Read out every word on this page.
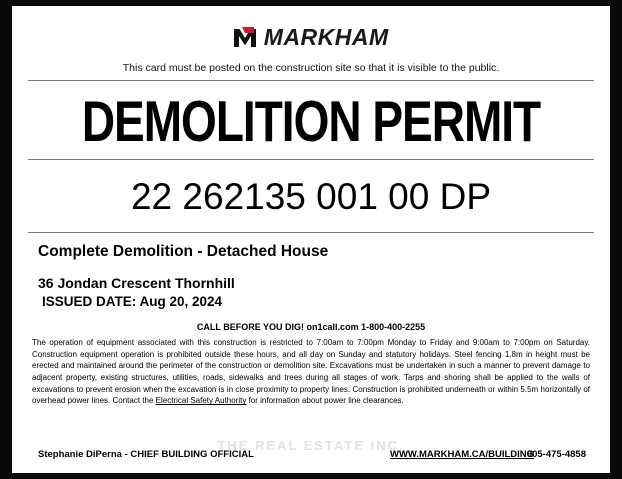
MARKHAM
This card must be posted on the construction site so that it is visible to the public.
DEMOLITION PERMIT
22 262135 001 00 DP
Complete Demolition - Detached House
36 Jondan Crescent Thornhill
ISSUED DATE: Aug 20, 2024
CALL BEFORE YOU DIG! on1call.com 1-800-400-2255
The operation of equipment associated with this construction is restricted to 7:00am to 7:00pm Monday to Friday and 9:00am to 7:00pm on Saturday. Construction equipment operation is prohibited outside these hours, and all day on Sunday and statutory holidays. Steel fencing 1.8m in height must be erected and maintained around the perimeter of the construction or demolition site. Excavations must be undertaken in such a manner to prevent damage to adjacent property, existing structures, utilities, roads, sidewalks and trees during all stages of work. Tarps and shoring shall be applied to the walls of excavations to prevent erosion when the excavation is in close proximity to property lines. Construction is prohibited underneath or within 5.5m horizontally of overhead power lines. Contact the Electrical Safety Authority for information about power line clearances.
THE REAL ESTATE INC.
Stephanie DiPerna - CHIEF BUILDING OFFICIAL	WWW.MARKHAM.CA/BUILDING
905-475-4858
